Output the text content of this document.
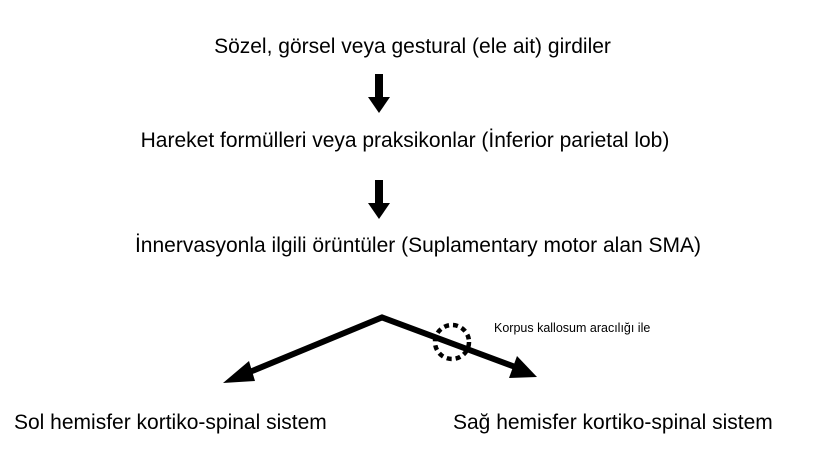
Sözel, görsel veya gestural (ele ait) girdiler
Hareket formülleri veya praksikonlar (İnferior parietal lob)
İnnervasyonla ilgili örüntüler (Suplamentary motor alan SMA)
Sol hemisfer kortiko-spinal sistem	Sağ hemisfer kortiko-spinal sistem
Korpus kallosum aracılığı ile
